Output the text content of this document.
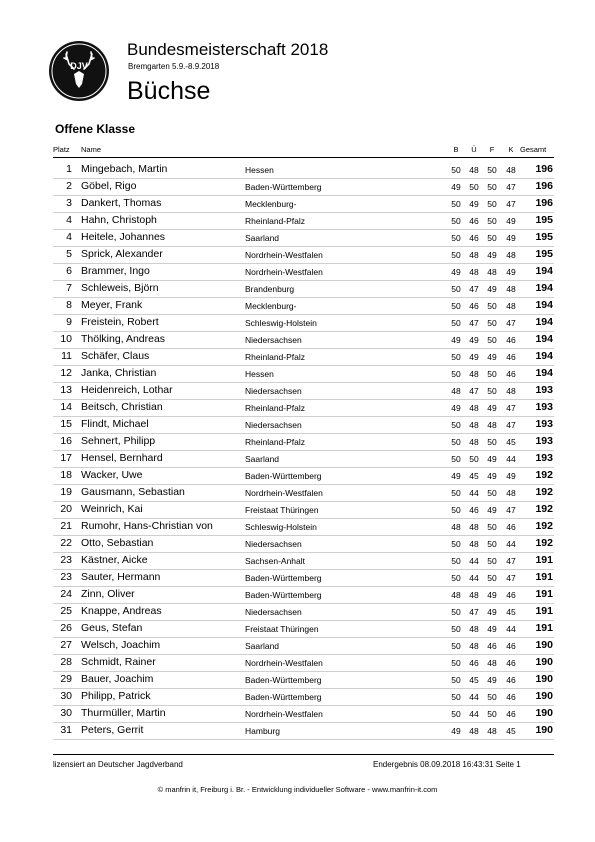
DJV
Bundesmeisterschaft 2018
Bremgarten 5.9.-8.9.2018
Büchse
Offene Klasse
Platz Name	B	Ü	F	K Gesamt
1 Mingebach, Martin	Hessen	50 48 50 48	196
2 Göbel, Rigo	Baden-Württemberg	49 50 50 47	196
3 Dankert, Thomas	Mecklenburg-	50 49 50 47	196
4 Hahn, Christoph	Rheinland-Pfalz	50 46 50 49	195
4 Heitele, Johannes	Saarland	50 46 50 49	195
5 Sprick, Alexander	Nordrhein-Westfalen	50 48 49 48	195
6 Brammer, Ingo	Nordrhein-Westfalen	49 48 48 49	194
7 Schleweis, Björn	Brandenburg	50 47 49 48	194
8 Meyer, Frank	Mecklenburg-	50 46 50 48	194
9 Freistein, Robert	Schleswig-Holstein	50 47 50 47	194
10 Thölking, Andreas	Niedersachsen	49 49 50 46	194
11 Schäfer, Claus	Rheinland-Pfalz	50 49 49 46	194
12 Janka, Christian	Hessen	50 48 50 46	194
13 Heidenreich, Lothar	Niedersachsen	48 47 50 48	193
14 Beitsch, Christian	Rheinland-Pfalz	49 48 49 47	193
15 Flindt, Michael	Niedersachsen	50 48 48 47	193
16 Sehnert, Philipp	Rheinland-Pfalz	50 48 50 45	193
17 Hensel, Bernhard	Saarland	50 50 49 44	193
18 Wacker, Uwe	Baden-Württemberg	49 45 49 49	192
19 Gausmann, Sebastian	Nordrhein-Westfalen	50 44 50 48	192
20 Weinrich, Kai	Freistaat Thüringen	50 46 49 47	192
21 Rumohr, Hans-Christian von	Schleswig-Holstein	48 48 50 46	192
22 Otto, Sebastian	Niedersachsen	50 48 50 44	192
23 Kästner, Aicke	Sachsen-Anhalt	50 44 50 47	191
23 Sauter, Hermann	Baden-Württemberg	50 44 50 47	191
24 Zinn, Oliver	Baden-Württemberg	48 48 49 46	191
25 Knappe, Andreas	Niedersachsen	50 47 49 45	191
26 Geus, Stefan	Freistaat Thüringen	50 48 49 44	191
27 Welsch, Joachim	Saarland	50 48 46 46	190
28 Schmidt, Rainer	Nordrhein-Westfalen	50 46 48 46	190
29 Bauer, Joachim	Baden-Württemberg	50 45 49 46	190
30 Philipp, Patrick	Baden-Württemberg	50 44 50 46	190
30 Thurmüller, Martin	Nordrhein-Westfalen	50 44 50 46	190
31 Peters, Gerrit	Hamburg	49 48 48 45	190
lizensiert an Deutscher Jagdverband	Endergebnis 08.09.2018 16:43:31 Seite 1
© manfrin it, Freiburg i. Br. - Entwicklung individueller Software - www.manfrin-it.com
